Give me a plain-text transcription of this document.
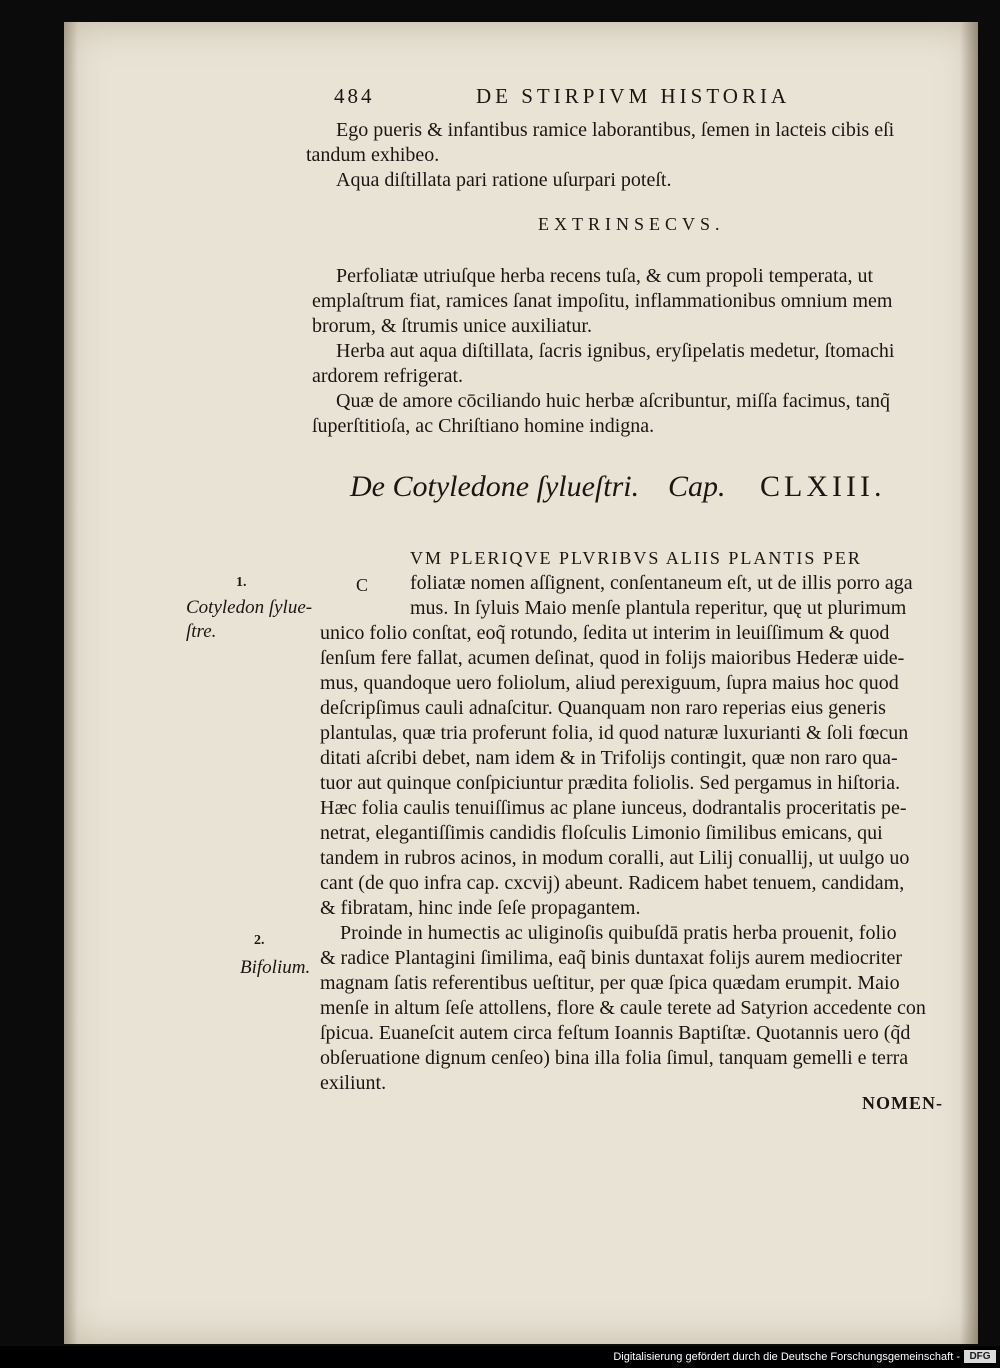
484	DE STIRPIVM HISTORIA
Ego pueris & infantibus ramice laborantibus, ſemen in lacteis cibis eſi
tandum exhibeo.
Aqua diſtillata pari ratione uſurpari poteſt.
EXTRINSECVS.
Perfoliatæ utriuſque herba recens tuſa, & cum propoli temperata, ut
emplaſtrum fiat, ramices ſanat impoſitu, inflammationibus omnium mem
brorum, & ſtrumis unice auxiliatur.
Herba aut aqua diſtillata, ſacris ignibus, eryſipelatis medetur, ſtomachi
ardorem refrigerat.
Quæ de amore cōciliando huic herbæ aſcribuntur, miſſa facimus, tanq̃
ſuperſtitioſa, ac Chriſtiano homine indigna.
De Cotyledone ſylueſtri. Cap. CLXIII.
C
VM PLERIQVE PLVRIBVS ALIIS PLANTIS PER
foliatæ nomen aſſignent, conſentaneum eſt, ut de illis porro aga
mus. In ſyluis Maio menſe plantula reperitur, quę ut plurimum
unico folio conſtat, eoq̃ rotundo, ſedita ut interim in leuiſſimum & quod
ſenſum fere fallat, acumen deſinat, quod in folijs maioribus Hederæ uide-
mus, quandoque uero foliolum, aliud perexiguum, ſupra maius hoc quod
deſcripſimus cauli adnaſcitur. Quanquam non raro reperias eius generis
plantulas, quæ tria proferunt folia, id quod naturæ luxurianti & ſoli fœcun
ditati aſcribi debet, nam idem & in Trifolijs contingit, quæ non raro qua-
tuor aut quinque conſpiciuntur prædita foliolis. Sed pergamus in hiſtoria.
Hæc folia caulis tenuiſſimus ac plane iunceus, dodrantalis proceritatis pe-
netrat, elegantiſſimis candidis floſculis Limonio ſimilibus emicans, qui
tandem in rubros acinos, in modum coralli, aut Lilij conuallij, ut uulgo uo
cant (de quo infra cap. cxcvij) abeunt. Radicem habet tenuem, candidam,
& fibratam, hinc inde ſeſe propagantem.
Proinde in humectis ac uliginoſis quibuſdā pratis herba prouenit, folio
& radice Plantagini ſimilima, eaq̃ binis duntaxat folijs aurem mediocriter
magnam ſatis referentibus ueſtitur, per quæ ſpica quædam erumpit. Maio
menſe in altum ſeſe attollens, flore & caule terete ad Satyrion accedente con
ſpicua. Euaneſcit autem circa feſtum Ioannis Baptiſtæ. Quotannis uero (q̃d
obſeruatione dignum cenſeo) bina illa folia ſimul, tanquam gemelli e terra
exiliunt.
1.
Cotyledon ſylue-
ſtre.
2.
Bifolium.
NOMEN-
Digitalisierung gefördert durch die Deutsche Forschungsgemeinschaft - DFG
